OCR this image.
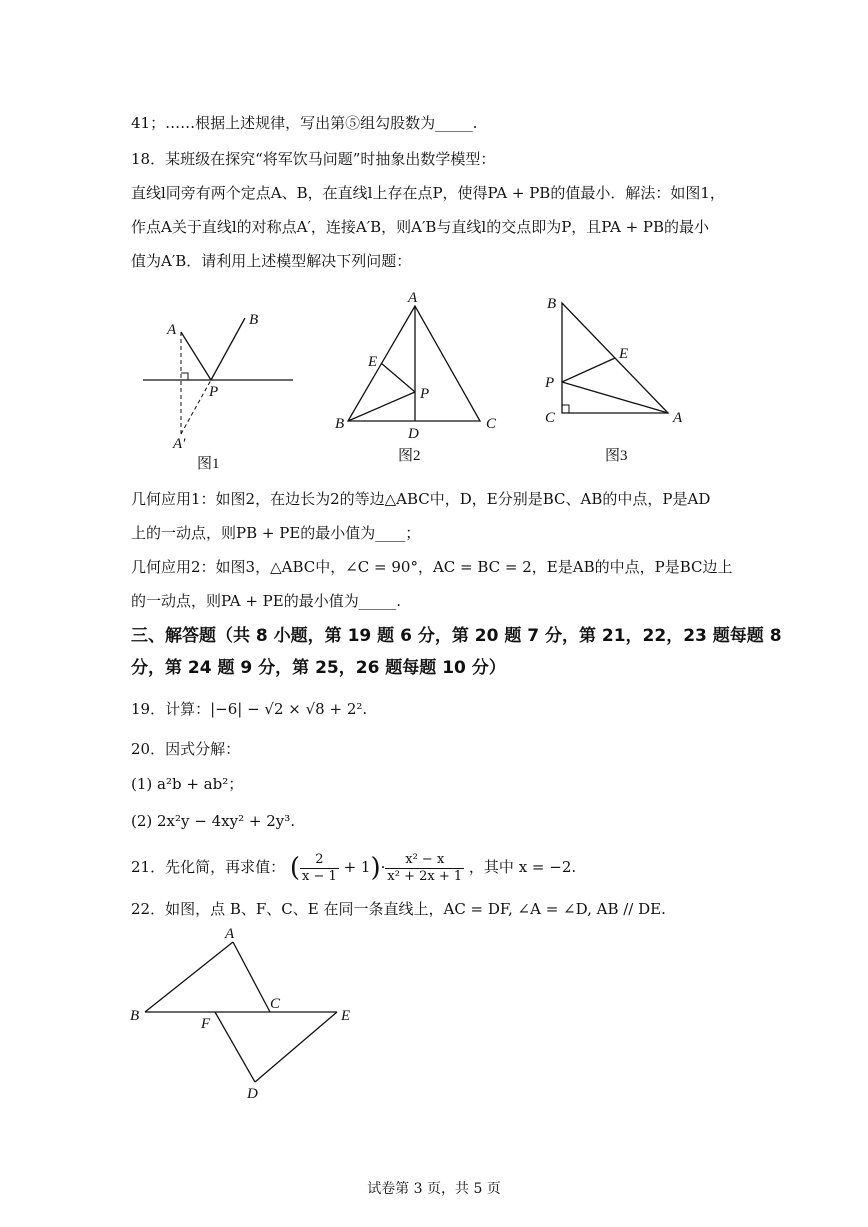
41；……根据上述规律，写出第⑤组勾股数为_____.
18．某班级在探究“将军饮马问题”时抽象出数学模型：
直线l同旁有两个定点A、B，在直线l上存在点P，使得PA + PB的值最小．解法：如图1，
作点A关于直线l的对称点A′，连接A′B，则A′B与直线l的交点即为P，且PA + PB的最小
值为A′B．请利用上述模型解决下列问题：
A
B
P
A′
图1
A
E
P
B
D
C
图2
B
E
P
C	A
图3
几何应用1：如图2，在边长为2的等边△ABC中，D，E分别是BC、AB的中点，P是AD
上的一动点，则PB + PE的最小值为____；
几何应用2：如图3，△ABC中，∠C = 90°，AC = BC = 2，E是AB的中点，P是BC边上
的一动点，则PA + PE的最小值为_____.
三、解答题（共 8 小题，第 19 题 6 分，第 20 题 7 分，第 21，22，23 题每题 8
分，第 24 题 9 分，第 25，26 题每题 10 分）
19．计算：|−6| − √2 × √8 + 2².
20．因式分解：
(1) a²b + ab²；
(2) 2x²y − 4xy² + 2y³.
21．先化简，再求值： ( $\frac{2}{x - 1} + 1)\cdot \frac{\text{x² − x}}{\text{x² + 2x + 1}}$ ，其中 x = −2.
22．如图，点 B、F、C、E 在同一条直线上，AC = DF, ∠A = ∠D, AB // DE.
A
B	F
C
E
D
试卷第 3 页，共 5 页
